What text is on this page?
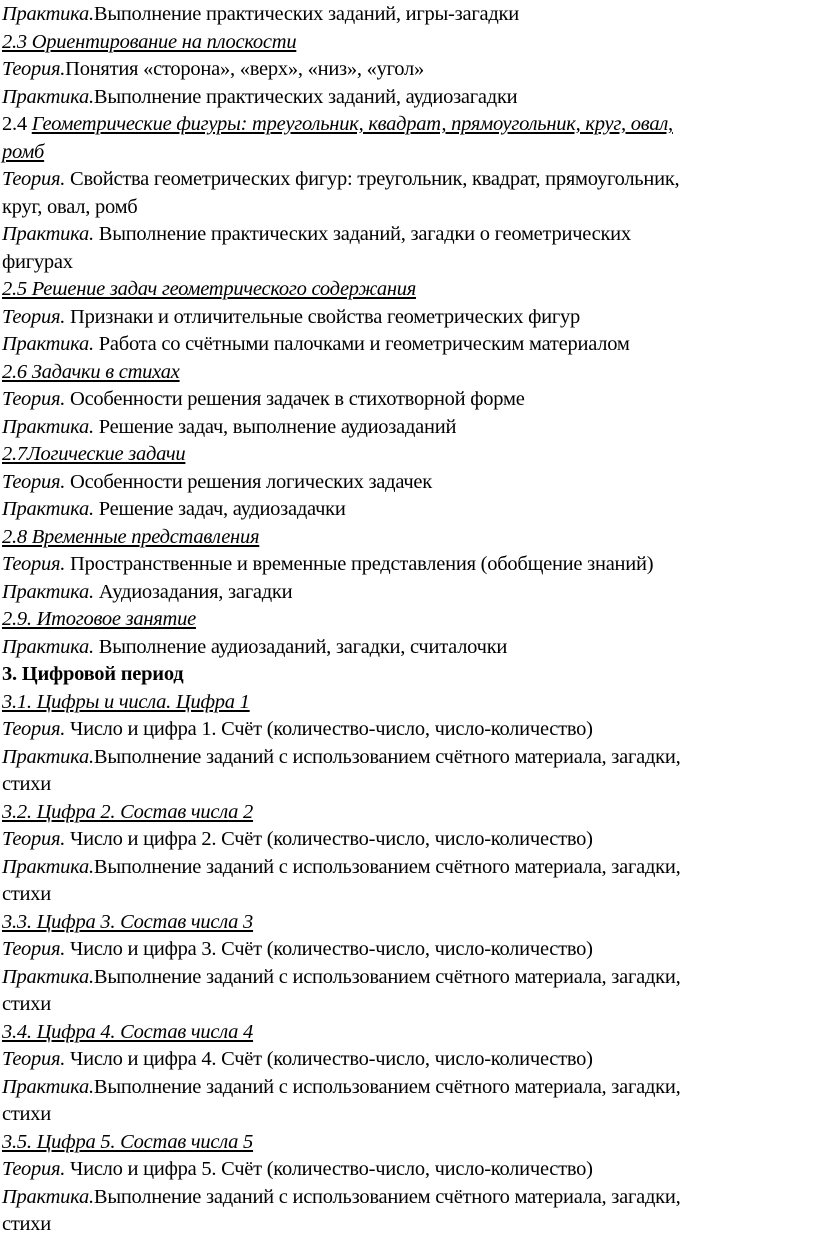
Практика.Выполнение практических заданий, игры-загадки
2.3 Ориентирование на плоскости
Теория.Понятия «сторона», «верх», «низ», «угол»
Практика.Выполнение практических заданий, аудиозагадки
2.4 Геометрические фигуры: треугольник, квадрат, прямоугольник, круг, овал,
ромб
Теория. Свойства геометрических фигур: треугольник, квадрат, прямоугольник,
круг, овал, ромб
Практика. Выполнение практических заданий, загадки о геометрических
фигурах
2.5 Решение задач геометрического содержания
Теория. Признаки и отличительные свойства геометрических фигур
Практика. Работа со счётными палочками и геометрическим материалом
2.6 Задачки в стихах
Теория. Особенности решения задачек в стихотворной форме
Практика. Решение задач, выполнение аудиозаданий
2.7Логические задачи
Теория. Особенности решения логических задачек
Практика. Решение задач, аудиозадачки
2.8 Временные представления
Теория. Пространственные и временные представления (обобщение знаний)
Практика. Аудиозадания, загадки
2.9. Итоговое занятие
Практика. Выполнение аудиозаданий, загадки, считалочки
3. Цифровой период
3.1. Цифры и числа. Цифра 1
Теория. Число и цифра 1. Счёт (количество-число, число-количество)
Практика.Выполнение заданий с использованием счётного материала, загадки,
стихи
3.2. Цифра 2. Состав числа 2
Теория. Число и цифра 2. Счёт (количество-число, число-количество)
Практика.Выполнение заданий с использованием счётного материала, загадки,
стихи
3.3. Цифра 3. Состав числа 3
Теория. Число и цифра 3. Счёт (количество-число, число-количество)
Практика.Выполнение заданий с использованием счётного материала, загадки,
стихи
3.4. Цифра 4. Состав числа 4
Теория. Число и цифра 4. Счёт (количество-число, число-количество)
Практика.Выполнение заданий с использованием счётного материала, загадки,
стихи
3.5. Цифра 5. Состав числа 5
Теория. Число и цифра 5. Счёт (количество-число, число-количество)
Практика.Выполнение заданий с использованием счётного материала, загадки,
стихи
